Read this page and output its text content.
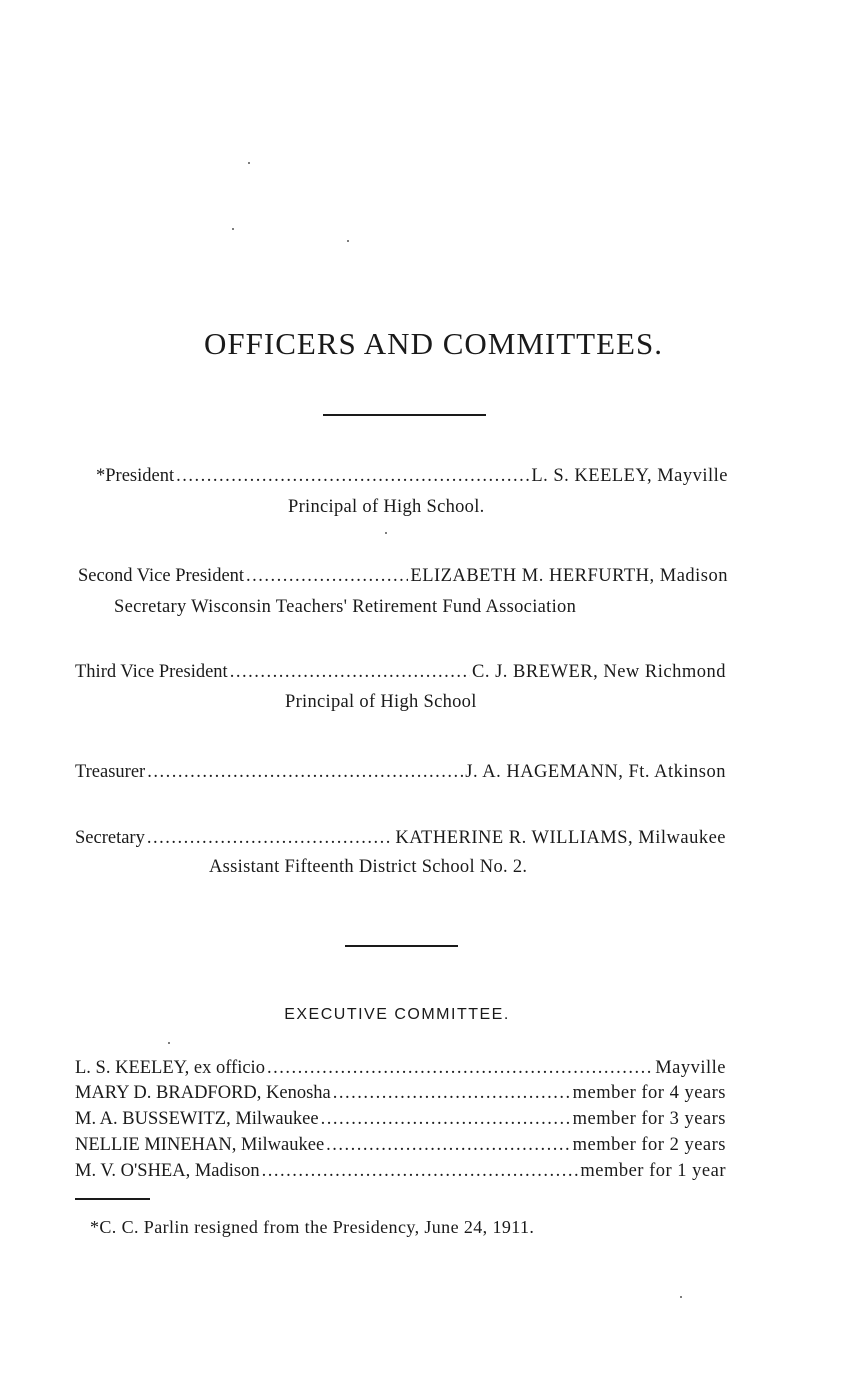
OFFICERS AND COMMITTEES.
*President .....	L. S. KEELEY, Mayville
Principal of High School.
Second Vice President .....	ELIZABETH M. HERFURTH, Madison
Secretary Wisconsin Teachers' Retirement Fund Association
Third Vice President .....	C. J. BREWER, New Richmond
Principal of High School
Treasurer .....	J. A. HAGEMANN, Ft. Atkinson
Secretary .....	KATHERINE R. WILLIAMS, Milwaukee
Assistant Fifteenth District School No. 2.
EXECUTIVE COMMITTEE.
L. S. KEELEY, ex officio .....	Mayville
MARY D. BRADFORD, Kenosha .....	member for 4 years
M. A. BUSSEWITZ, Milwaukee .....	member for 3 years
NELLIE MINEHAN, Milwaukee .....	member for 2 years
M. V. O'SHEA, Madison .....	member for 1 year
*C. C. Parlin resigned from the Presidency, June 24, 1911.
